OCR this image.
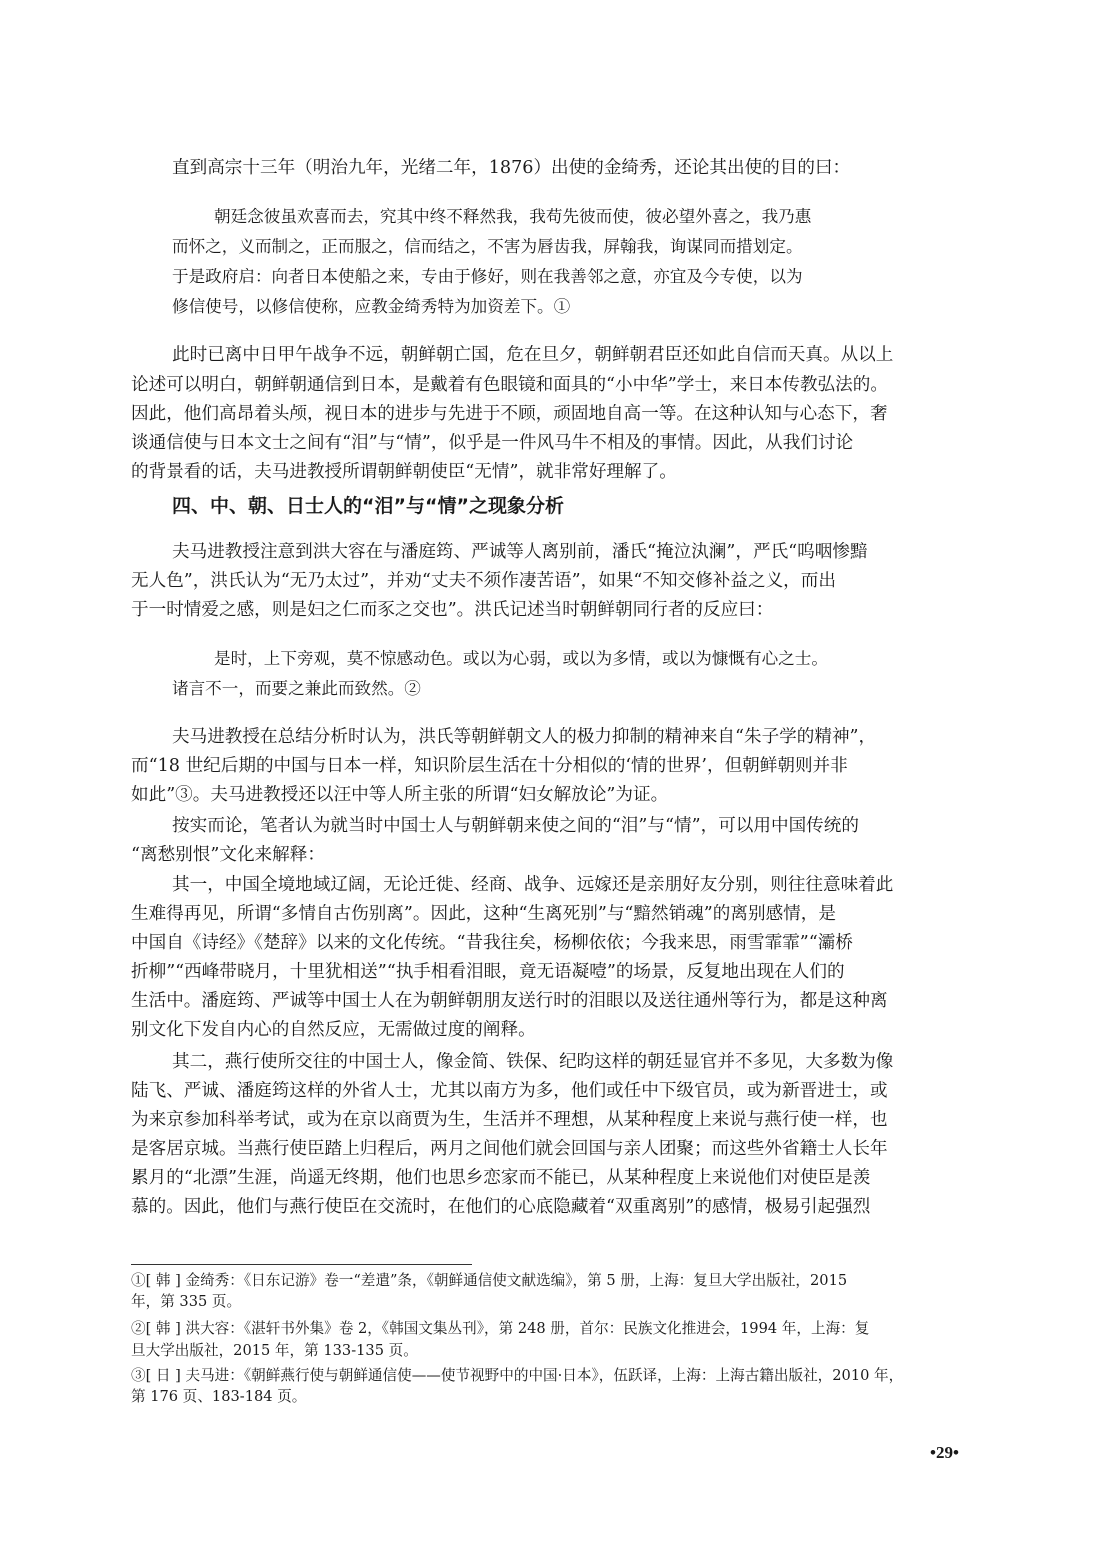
直到高宗十三年（明治九年，光绪二年，1876）出使的金绮秀，还论其出使的目的曰：
朝廷念彼虽欢喜而去，究其中终不释然我，我苟先彼而使，彼必望外喜之，我乃惠
而怀之，义而制之，正而服之，信而结之，不害为唇齿我，屏翰我，询谋同而措划定。
于是政府启：向者日本使船之来，专由于修好，则在我善邻之意，亦宜及今专使，以为
修信使号，以修信使称，应教金绮秀特为加资差下。①
此时已离中日甲午战争不远，朝鲜朝亡国，危在旦夕，朝鲜朝君臣还如此自信而天真。从以上
论述可以明白，朝鲜朝通信到日本，是戴着有色眼镜和面具的“小中华”学士，来日本传教弘法的。
因此，他们高昂着头颅，视日本的进步与先进于不顾，顽固地自高一等。在这种认知与心态下，奢
谈通信使与日本文士之间有“泪”与“情”，似乎是一件风马牛不相及的事情。因此，从我们讨论
的背景看的话，夫马进教授所谓朝鲜朝使臣“无情”，就非常好理解了。
四、中、朝、日士人的“泪”与“情”之现象分析
夫马进教授注意到洪大容在与潘庭筠、严诚等人离别前，潘氏“掩泣汍澜”，严氏“呜咽惨黯
无人色”，洪氏认为“无乃太过”，并劝“丈夫不须作凄苦语”，如果“不知交修补益之义，而出
于一时情爱之感，则是妇之仁而豕之交也”。洪氏记述当时朝鲜朝同行者的反应曰：
是时，上下旁观，莫不惊感动色。或以为心弱，或以为多情，或以为慷慨有心之士。
诸言不一，而要之兼此而致然。②
夫马进教授在总结分析时认为，洪氏等朝鲜朝文人的极力抑制的精神来自“朱子学的精神”，
而“18 世纪后期的中国与日本一样，知识阶层生活在十分相似的‘情的世界’，但朝鲜朝则并非
如此”③。夫马进教授还以汪中等人所主张的所谓“妇女解放论”为证。
按实而论，笔者认为就当时中国士人与朝鲜朝来使之间的“泪”与“情”，可以用中国传统的
“离愁别恨”文化来解释：
其一，中国全境地域辽阔，无论迁徙、经商、战争、远嫁还是亲朋好友分别，则往往意味着此
生难得再见，所谓“多情自古伤别离”。因此，这种“生离死别”与“黯然销魂”的离别感情，是
中国自《诗经》《楚辞》以来的文化传统。“昔我往矣，杨柳依依；今我来思，雨雪霏霏”“灞桥
折柳”“西峰带晓月，十里犹相送”“执手相看泪眼，竟无语凝噎”的场景，反复地出现在人们的
生活中。潘庭筠、严诚等中国士人在为朝鲜朝朋友送行时的泪眼以及送往通州等行为，都是这种离
别文化下发自内心的自然反应，无需做过度的阐释。
其二，燕行使所交往的中国士人，像金简、铁保、纪昀这样的朝廷显官并不多见，大多数为像
陆飞、严诚、潘庭筠这样的外省人士，尤其以南方为多，他们或任中下级官员，或为新晋进士，或
为来京参加科举考试，或为在京以商贾为生，生活并不理想，从某种程度上来说与燕行使一样，也
是客居京城。当燕行使臣踏上归程后，两月之间他们就会回国与亲人团聚；而这些外省籍士人长年
累月的“北漂”生涯，尚遥无终期，他们也思乡恋家而不能已，从某种程度上来说他们对使臣是羡
慕的。因此，他们与燕行使臣在交流时，在他们的心底隐藏着“双重离别”的感情，极易引起强烈
①[ 韩 ] 金绮秀：《日东记游》卷一“差遣”条，《朝鲜通信使文献选编》，第 5 册，上海：复旦大学出版社，2015
年，第 335 页。
②[ 韩 ] 洪大容：《湛轩书外集》卷 2，《韩国文集丛刊》，第 248 册，首尔：民族文化推进会，1994 年，上海：复
旦大学出版社，2015 年，第 133-135 页。
③[ 日 ] 夫马进：《朝鲜燕行使与朝鲜通信使——使节视野中的中国·日本》，伍跃译，上海：上海古籍出版社，2010 年，
第 176 页、183-184 页。
•29•
